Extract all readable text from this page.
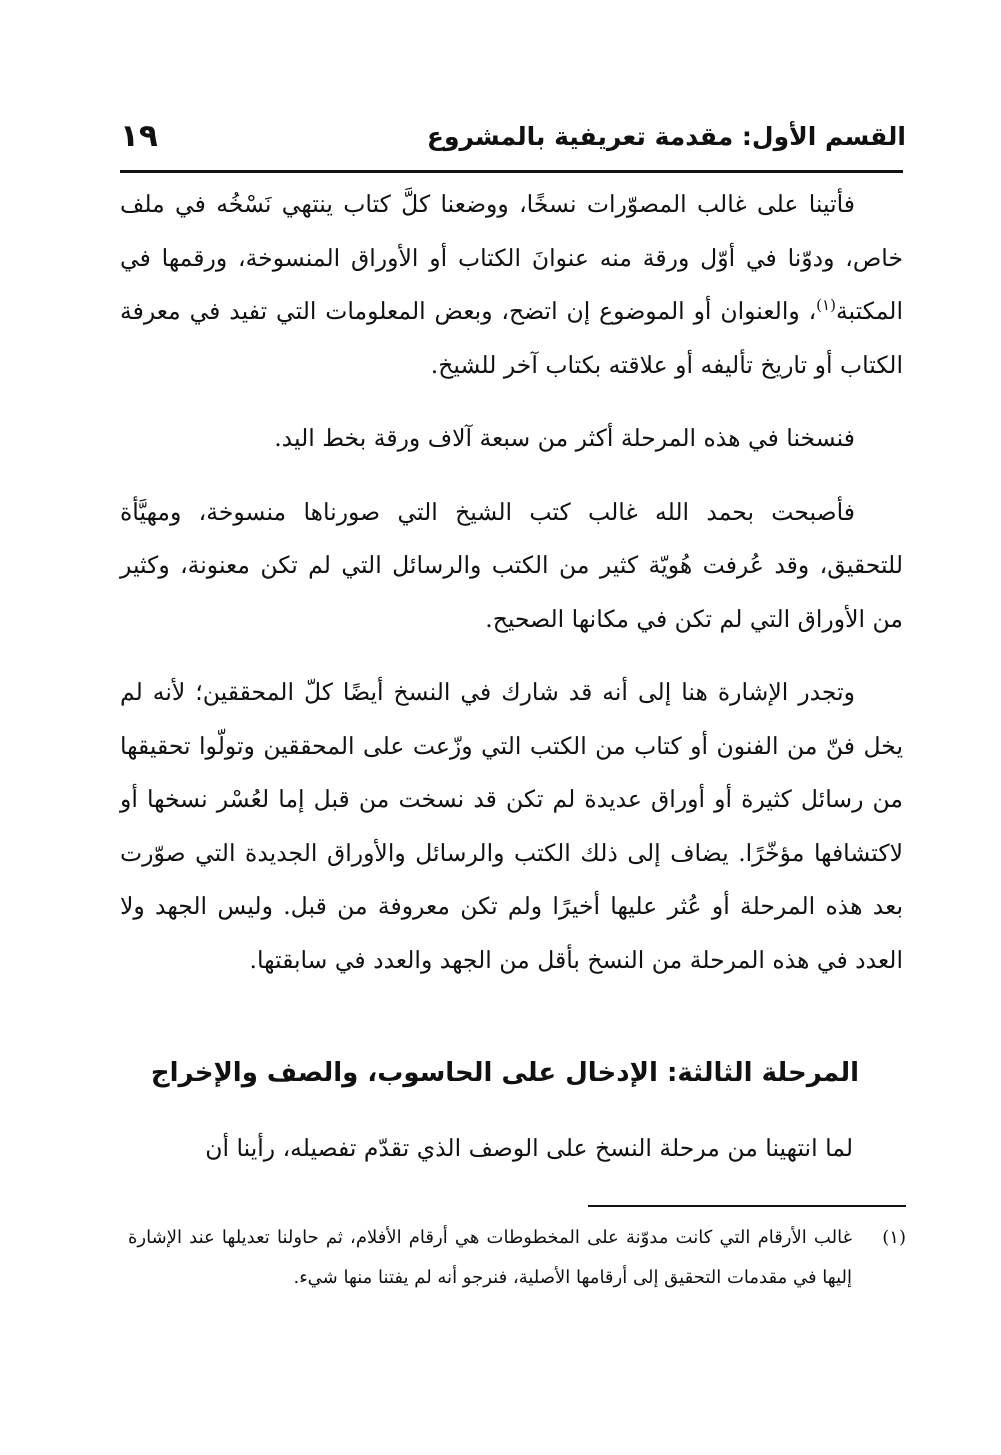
القسم الأول: مقدمة تعريفية بالمشروع
١٩

فأتينا على غالب المصوّرات نسخًا، ووضعنا كلَّ كتاب ينتهي نَسْخُه في ملف خاص، ودوّنا في أوّل ورقة منه عنوانَ الكتاب أو الأوراق المنسوخة، ورقمها في المكتبة$^{(١)}$، والعنوان أو الموضوع إن اتضح، وبعض المعلومات التي تفيد في معرفة الكتاب أو تاريخ تأليفه أو علاقته بكتاب آخر للشيخ.

فنسخنا في هذه المرحلة أكثر من سبعة آلاف ورقة بخط اليد.

فأصبحت بحمد الله غالب كتب الشيخ التي صورناها منسوخة، ومهيَّأة للتحقيق، وقد عُرفت هُويّة كثير من الكتب والرسائل التي لم تكن معنونة، وكثير من الأوراق التي لم تكن في مكانها الصحيح.

وتجدر الإشارة هنا إلى أنه قد شارك في النسخ أيضًا كلّ المحققين؛ لأنه لم يخل فنّ من الفنون أو كتاب من الكتب التي وزّعت على المحققين وتولّوا تحقيقها من رسائل كثيرة أو أوراق عديدة لم تكن قد نسخت من قبل إما لعُسْر نسخها أو لاكتشافها مؤخّرًا. يضاف إلى ذلك الكتب والرسائل والأوراق الجديدة التي صوّرت بعد هذه المرحلة أو عُثر عليها أخيرًا ولم تكن معروفة من قبل. وليس الجهد ولا العدد في هذه المرحلة من النسخ بأقل من الجهد والعدد في سابقتها.

المرحلة الثالثة: الإدخال على الحاسوب، والصف والإخراج
لما انتهينا من مرحلة النسخ على الوصف الذي تقدّم تفصيله، رأينا أن
(١)
غالب الأرقام التي كانت مدوّنة على المخطوطات هي أرقام الأفلام، ثم حاولنا تعديلها عند الإشارة إليها في مقدمات التحقيق إلى أرقامها الأصلية، فنرجو أنه لم يفتنا منها شيء.
